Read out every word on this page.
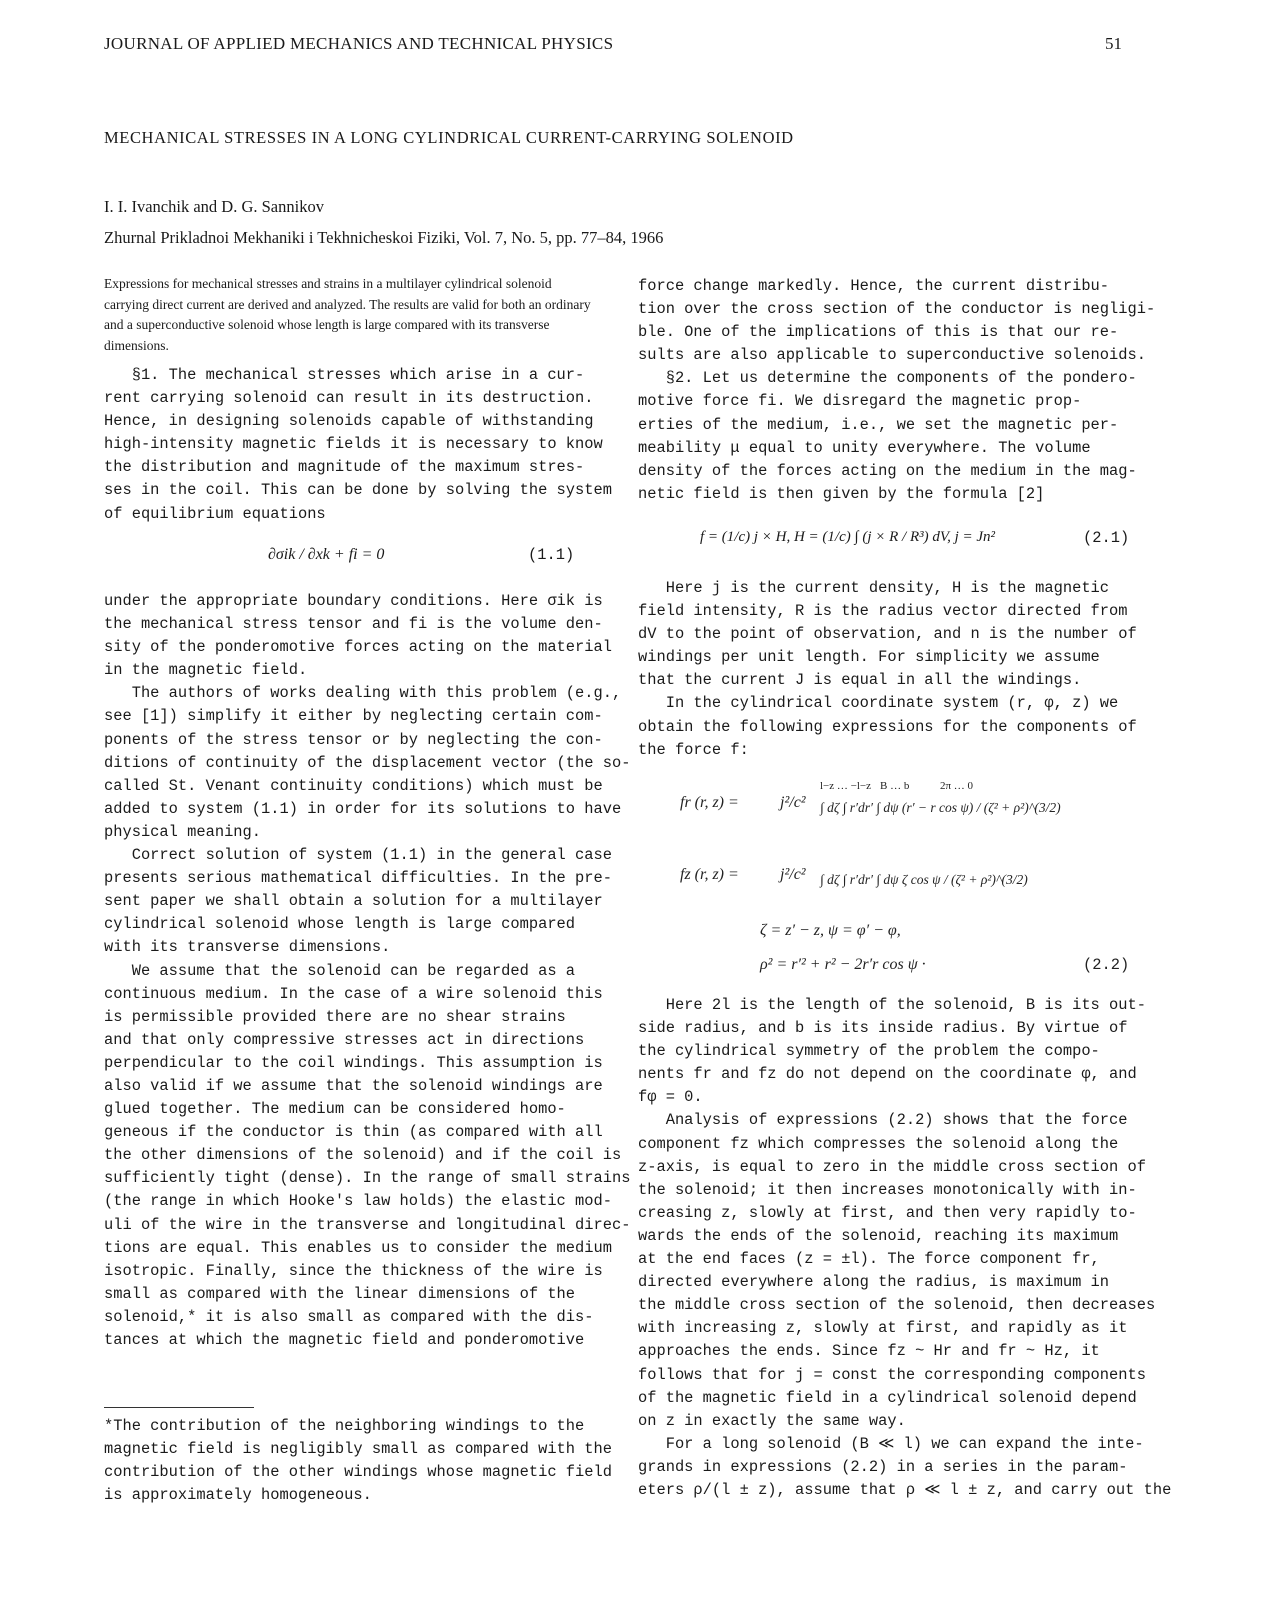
JOURNAL OF APPLIED MECHANICS AND TECHNICAL PHYSICS	51
MECHANICAL STRESSES IN A LONG CYLINDRICAL CURRENT-CARRYING SOLENOID
I. I. Ivanchik and D. G. Sannikov
Zhurnal Prikladnoi Mekhaniki i Tekhnicheskoi Fiziki, Vol. 7, No. 5, pp. 77–84, 1966
Expressions for mechanical stresses and strains in a multilayer cylindrical solenoid carrying direct current are derived and analyzed. The results are valid for both an ordinary and a superconductive solenoid whose length is large compared with its transverse dimensions.

§1. The mechanical stresses which arise in a cur-

rent carrying solenoid can result in its destruction.

Hence, in designing solenoids capable of withstanding

high-intensity magnetic fields it is necessary to know

the distribution and magnitude of the maximum stres-

ses in the coil. This can be done by solving the system

of equilibrium equations

∂σik / ∂xk + fi = 0	(1.1)

under the appropriate boundary conditions. Here σik is

the mechanical stress tensor and fi is the volume den-

sity of the ponderomotive forces acting on the material

in the magnetic field.

The authors of works dealing with this problem (e.g.,

see [1]) simplify it either by neglecting certain com-

ponents of the stress tensor or by neglecting the con-

ditions of continuity of the displacement vector (the so-

called St. Venant continuity conditions) which must be

added to system (1.1) in order for its solutions to have

physical meaning.

Correct solution of system (1.1) in the general case

presents serious mathematical difficulties. In the pre-

sent paper we shall obtain a solution for a multilayer

cylindrical solenoid whose length is large compared

with its transverse dimensions.

We assume that the solenoid can be regarded as a

continuous medium. In the case of a wire solenoid this

is permissible provided there are no shear strains

and that only compressive stresses act in directions

perpendicular to the coil windings. This assumption is

also valid if we assume that the solenoid windings are

glued together. The medium can be considered homo-

geneous if the conductor is thin (as compared with all

the other dimensions of the solenoid) and if the coil is

sufficiently tight (dense). In the range of small strains

(the range in which Hooke's law holds) the elastic mod-

uli of the wire in the transverse and longitudinal direc-

tions are equal. This enables us to consider the medium

isotropic. Finally, since the thickness of the wire is

small as compared with the linear dimensions of the

solenoid,* it is also small as compared with the dis-

tances at which the magnetic field and ponderomotive

*The contribution of the neighboring windings to the

magnetic field is negligibly small as compared with the

contribution of the other windings whose magnetic field

is approximately homogeneous.

force change markedly. Hence, the current distribu-

tion over the cross section of the conductor is negligi-

ble. One of the implications of this is that our re-

sults are also applicable to superconductive solenoids.

§2. Let us determine the components of the pondero-

motive force fi. We disregard the magnetic prop-

erties of the medium, i.e., we set the magnetic per-

meability μ equal to unity everywhere. The volume

density of the forces acting on the medium in the mag-

netic field is then given by the formula [2]

f = (1/c) j × H, H = (1/c) ∫ (j × R / R³) dV, j = Jn²	(2.1)

Here j is the current density, H is the magnetic

field intensity, R is the radius vector directed from

dV to the point of observation, and n is the number of

windings per unit length. For simplicity we assume

that the current J is equal in all the windings.

In the cylindrical coordinate system (r, φ, z) we

obtain the following expressions for the components of

the force f:

fr (r, z) =	j²/c²
l−z … −l−z B … b	2π … 0
∫ dζ ∫ r′dr′ ∫ dψ (r′ − r cos ψ) / (ζ² + ρ²)^(3/2)
fz (r, z) =	j²/c² ∫ dζ ∫ r′dr′ ∫ dψ ζ cos ψ / (ζ² + ρ²)^(3/2)
ζ = z′ − z, ψ = φ′ − φ,
ρ² = r′² + r² − 2r′r cos ψ ·	(2.2)

Here 2l is the length of the solenoid, B is its out-

side radius, and b is its inside radius. By virtue of

the cylindrical symmetry of the problem the compo-

nents fr and fz do not depend on the coordinate φ, and

fφ = 0.

Analysis of expressions (2.2) shows that the force

component fz which compresses the solenoid along the

z-axis, is equal to zero in the middle cross section of

the solenoid; it then increases monotonically with in-

creasing z, slowly at first, and then very rapidly to-

wards the ends of the solenoid, reaching its maximum

at the end faces (z = ±l). The force component fr,

directed everywhere along the radius, is maximum in

the middle cross section of the solenoid, then decreases

with increasing z, slowly at first, and rapidly as it

approaches the ends. Since fz ~ Hr and fr ~ Hz, it

follows that for j = const the corresponding components

of the magnetic field in a cylindrical solenoid depend

on z in exactly the same way.

For a long solenoid (B ≪ l) we can expand the inte-

grands in expressions (2.2) in a series in the param-

eters ρ/(l ± z), assume that ρ ≪ l ± z, and carry out the
